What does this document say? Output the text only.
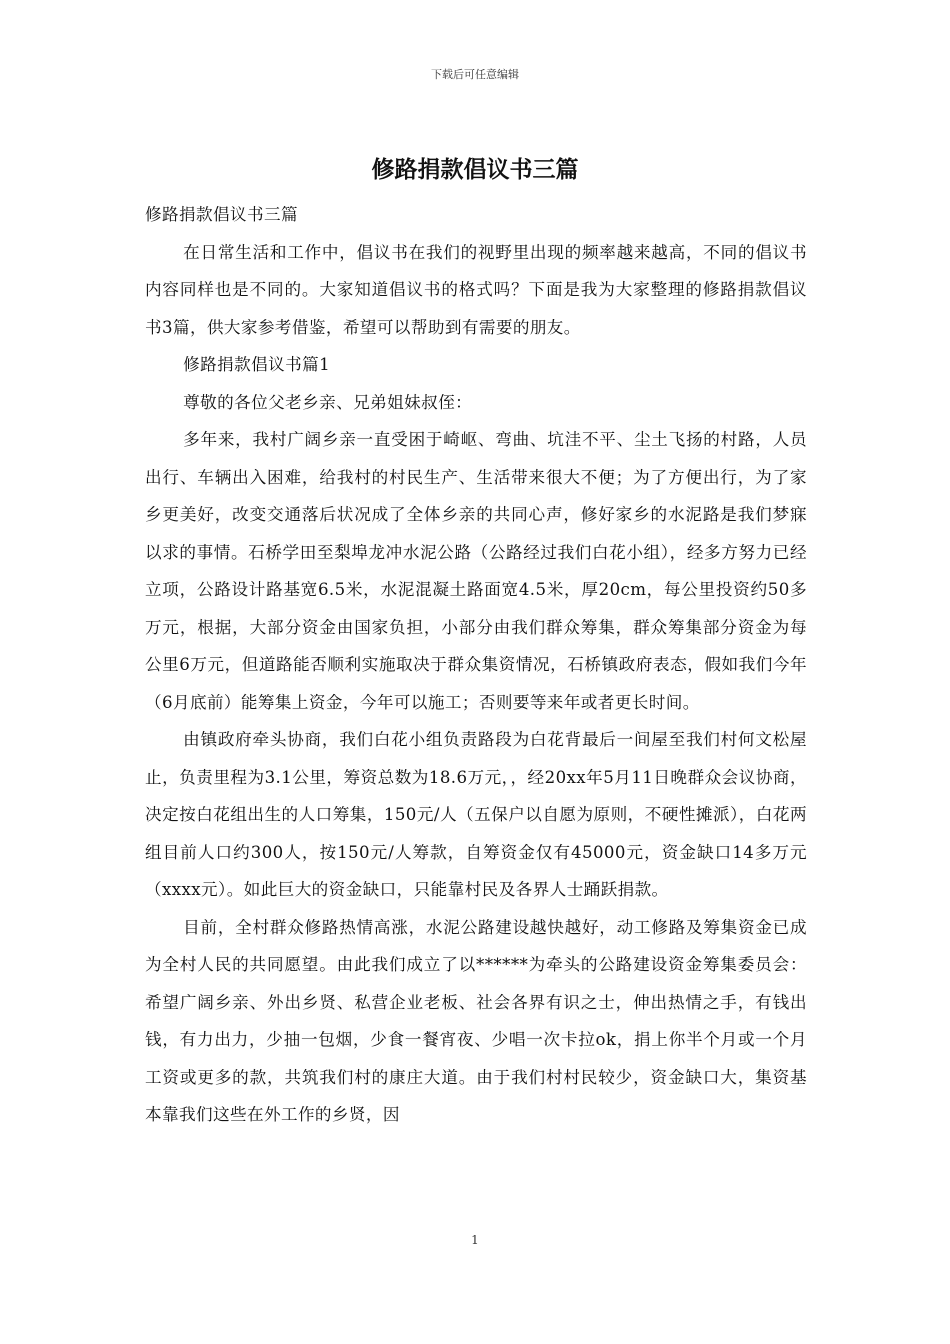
下载后可任意编辑
修路捐款倡议书三篇

修路捐款倡议书三篇

在日常生活和工作中，倡议书在我们的视野里出现的频率越来越高，不同的倡议书内容同样也是不同的。大家知道倡议书的格式吗？下面是我为大家整理的修路捐款倡议书3篇，供大家参考借鉴，希望可以帮助到有需要的朋友。

修路捐款倡议书篇1

尊敬的各位父老乡亲、兄弟姐妹叔侄：

多年来，我村广阔乡亲一直受困于崎岖、弯曲、坑洼不平、尘土飞扬的村路，人员出行、车辆出入困难，给我村的村民生产、生活带来很大不便；为了方便出行，为了家乡更美好，改变交通落后状况成了全体乡亲的共同心声，修好家乡的水泥路是我们梦寐以求的事情。石桥学田至梨埠龙冲水泥公路（公路经过我们白花小组），经多方努力已经立项，公路设计路基宽6.5米，水泥混凝土路面宽4.5米，厚20cm，每公里投资约50多万元，根据，大部分资金由国家负担，小部分由我们群众筹集，群众筹集部分资金为每公里6万元，但道路能否顺利实施取决于群众集资情况，石桥镇政府表态，假如我们今年（6月底前）能筹集上资金，今年可以施工；否则要等来年或者更长时间。

由镇政府牵头协商，我们白花小组负责路段为白花背最后一间屋至我们村何文松屋止，负责里程为3.1公里，筹资总数为18.6万元，，经20xx年5月11日晚群众会议协商，决定按白花组出生的人口筹集，150元/人（五保户以自愿为原则，不硬性摊派），白花两组目前人口约300人，按150元/人筹款，自筹资金仅有45000元，资金缺口14多万元（xxxx元）。如此巨大的资金缺口，只能靠村民及各界人士踊跃捐款。

目前，全村群众修路热情高涨，水泥公路建设越快越好，动工修路及筹集资金已成为全村人民的共同愿望。由此我们成立了以******为牵头的公路建设资金筹集委员会：希望广阔乡亲、外出乡贤、私营企业老板、社会各界有识之士，伸出热情之手，有钱出钱，有力出力，少抽一包烟，少食一餐宵夜、少唱一次卡拉ok，捐上你半个月或一个月工资或更多的款，共筑我们村的康庄大道。由于我们村村民较少，资金缺口大，集资基本靠我们这些在外工作的乡贤，因

1
